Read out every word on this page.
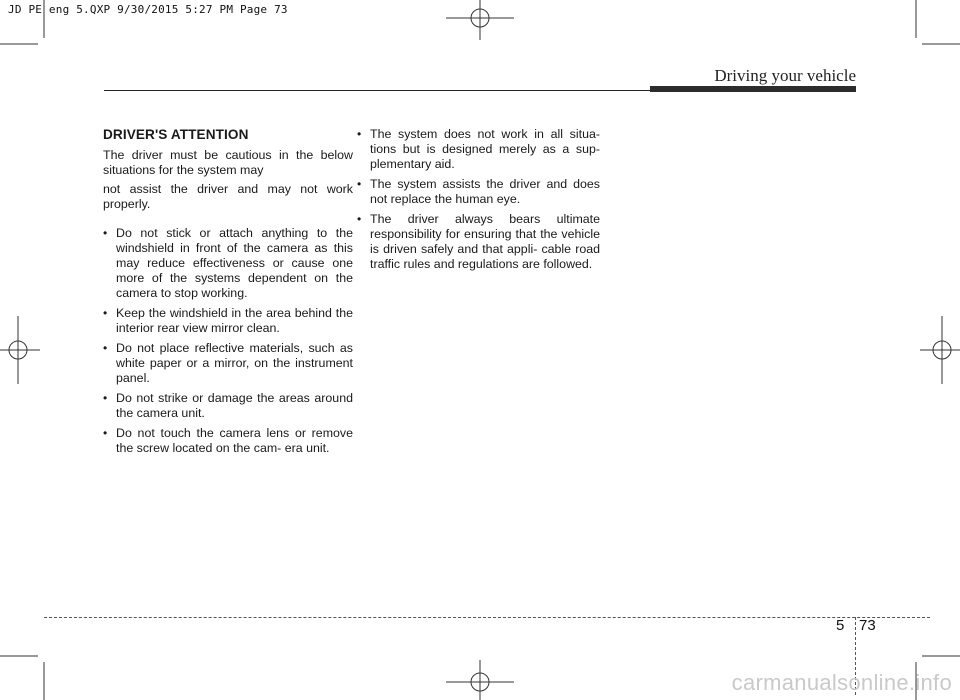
JD PE eng 5.QXP 9/30/2015 5:27 PM Page 73
Driving your vehicle
DRIVER'S ATTENTION

The driver must be cautious in the below situations for the system may

not assist the driver and may not work properly.

• Do not stick or attach anything to the windshield in front of the camera as this may reduce effectiveness or cause one more of the systems dependent on the camera to stop working.
• Keep the windshield in the area behind the interior rear view mirror clean.
• Do not place reflective materials, such as white paper or a mirror, on the instrument panel.
• Do not strike or damage the areas around the camera unit.
• Do not touch the camera lens or remove the screw located on the cam- era unit.
• The system does not work in all situa- tions but is designed merely as a sup- plementary aid.
• The system assists the driver and does not replace the human eye.
• The driver always bears ultimate responsibility for ensuring that the vehicle is driven safely and that appli- cable road traffic rules and regulations are followed.
5 73
carmanualsonline.info
